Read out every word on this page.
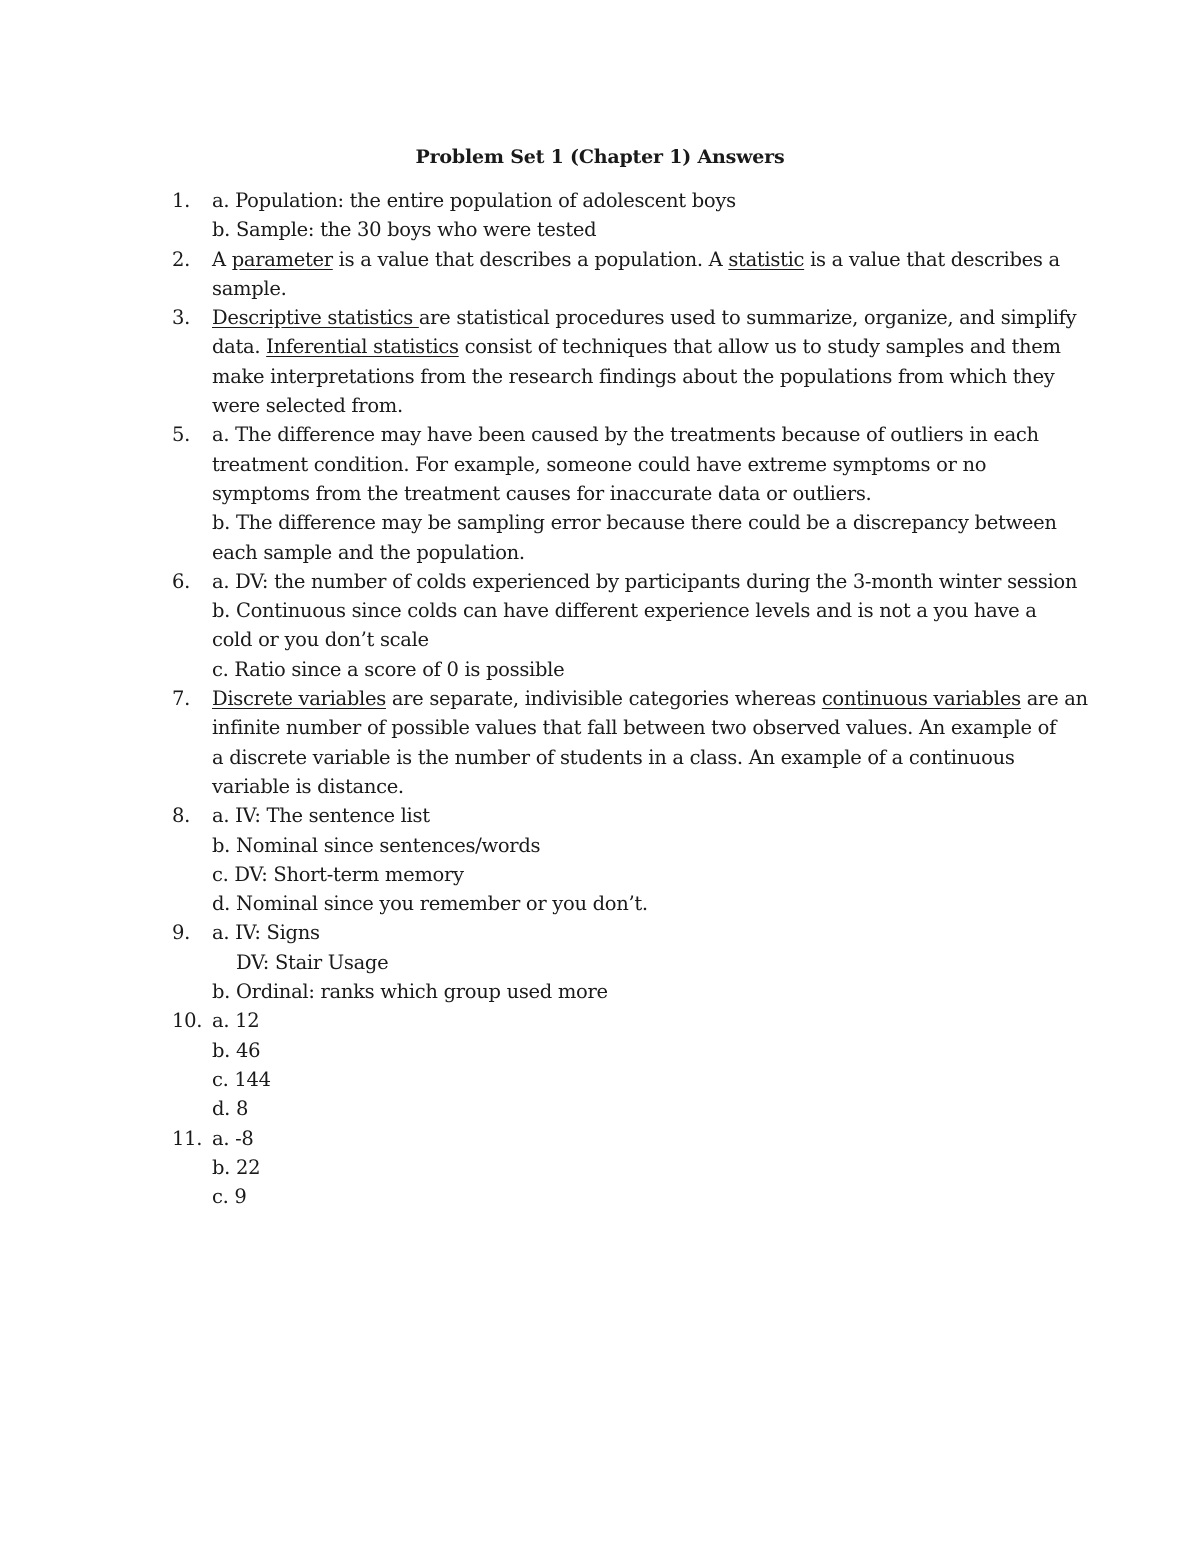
Problem Set 1 (Chapter 1) Answers
1.	a. Population: the entire population of adolescent boys
b. Sample: the 30 boys who were tested
2.	A parameter is a value that describes a population. A statistic is a value that describes a
sample.
3.	Descriptive statistics are statistical procedures used to summarize, organize, and simplify
data. Inferential statistics consist of techniques that allow us to study samples and them
make interpretations from the research findings about the populations from which they
were selected from.
5.	a. The difference may have been caused by the treatments because of outliers in each
treatment condition. For example, someone could have extreme symptoms or no
symptoms from the treatment causes for inaccurate data or outliers.
b. The difference may be sampling error because there could be a discrepancy between
each sample and the population.
6.	a. DV: the number of colds experienced by participants during the 3-month winter session
b. Continuous since colds can have different experience levels and is not a you have a
cold or you don’t scale
c. Ratio since a score of 0 is possible
7.	Discrete variables are separate, indivisible categories whereas continuous variables are an
infinite number of possible values that fall between two observed values. An example of
a discrete variable is the number of students in a class. An example of a continuous
variable is distance.
8.	a. IV: The sentence list
b. Nominal since sentences/words
c. DV: Short-term memory
d. Nominal since you remember or you don’t.
9.	a. IV: Signs
DV: Stair Usage
b. Ordinal: ranks which group used more
10. a. 12
b. 46
c. 144
d. 8
11. a. -8
b. 22
c. 9
